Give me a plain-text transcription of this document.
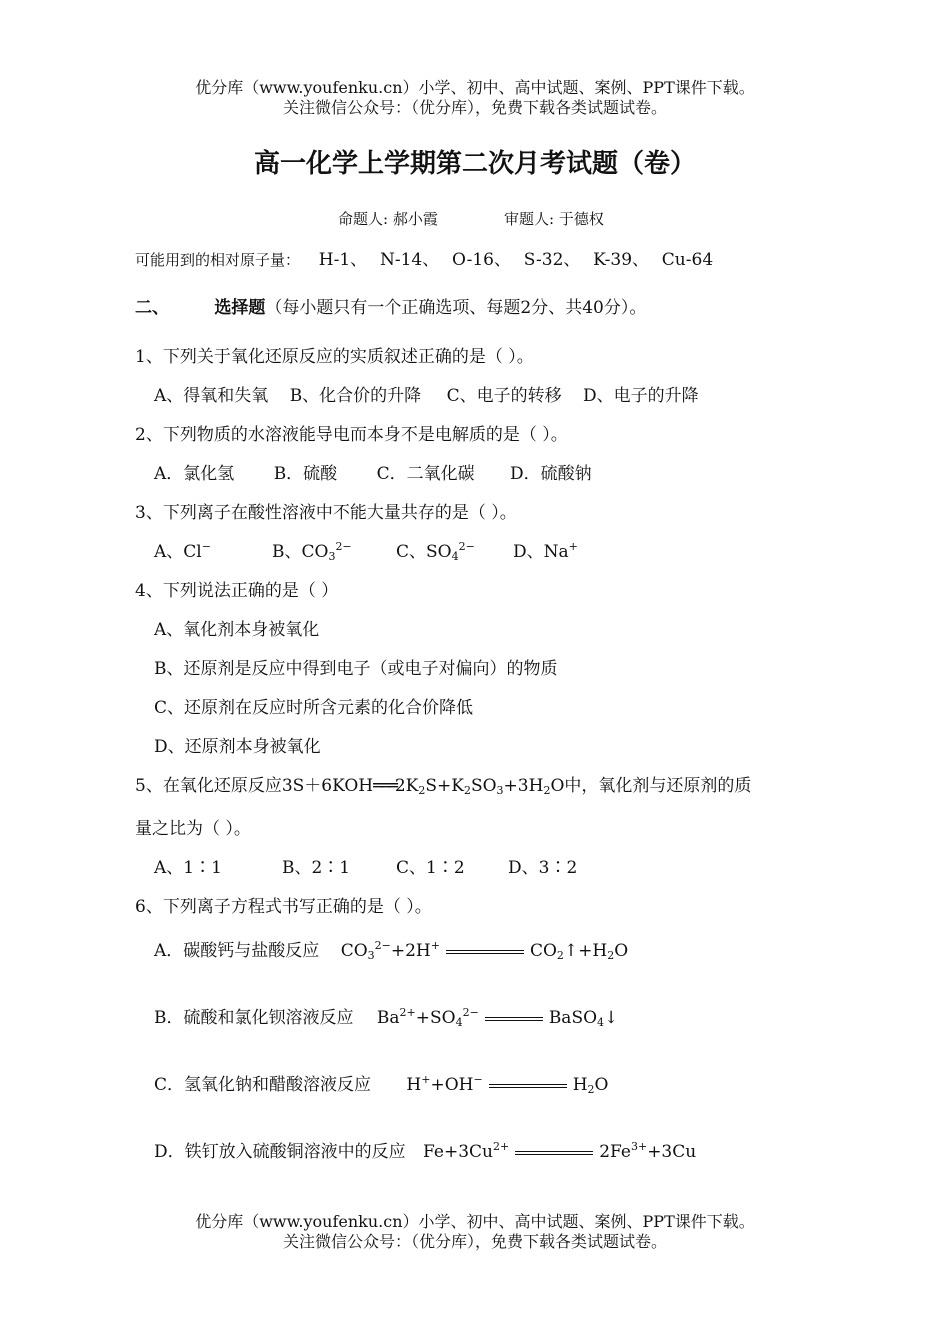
优分库（www.youfenku.cn）小学、初中、高中试题、案例、PPT课件下载。
关注微信公众号：（优分库），免费下载各类试题试卷。
高一化学上学期第二次月考试题（卷）
命题人: 郝小霞	审题人: 于德权
可能用到的相对原子量： H-1、 N-14、 O-16、 S-32、 K-39、 Cu-64
二、	选择题（每小题只有一个正确选项、每题2分、共40分）。
1、下列关于氧化还原反应的实质叙述正确的是（ ）。
A、得氧和失氧 B、化合价的升降 C、电子的转移 D、电子的升降
2、下列物质的水溶液能导电而本身不是电解质的是（ ）。
A．氯化氢 B．硫酸 C．二氧化碳 D．硫酸钠
3、下列离子在酸性溶液中不能大量共存的是（ ）。
A、Cl−	B、$CO_3^{2-}$	C、$SO_4^{2-}$ D、Na+
4、下列说法正确的是（ ）
A、氧化剂本身被氧化
B、还原剂是反应中得到电子（或电子对偏向）的物质
C、还原剂在反应时所含元素的化合价降低
D、还原剂本身被氧化
5、在氧化还原反应$3S+6KOH═══2K_2S+K_2SO_3+3H_2O$中，氧化剂与还原剂的质
量之比为（ ）。
A、1∶1	B、2∶1	C、1∶2	D、3∶2
6、下列离子方程式书写正确的是（ ）。
A．碳酸钙与盐酸反应 $CO_3^{2-}+2H^+$	$CO_2↑+H_2O$
B．硫酸和氯化钡溶液反应 $Ba^{2+}+SO_4^{2-}$	BaSO$_4$↓
C．氢氧化钠和醋酸溶液反应 H++OH−	$H_2O$
D．铁钉放入硫酸铜溶液中的反应 $Fe+3Cu^{2+}$	$2Fe^{3+}+3Cu$
优分库（www.youfenku.cn）小学、初中、高中试题、案例、PPT课件下载。
关注微信公众号：（优分库），免费下载各类试题试卷。
